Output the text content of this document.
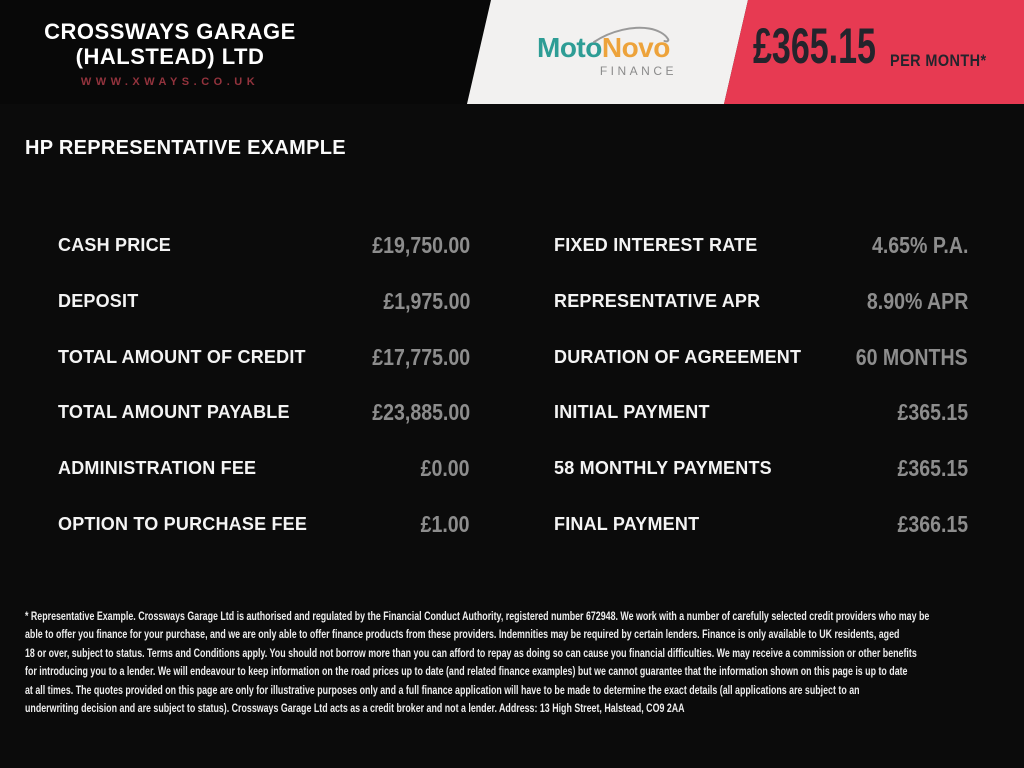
CROSSWAYS GARAGE
(HALSTEAD) LTD
WWW.XWAYS.CO.UK
MotoNovo
FINANCE £365.15 PER MONTH*
HP REPRESENTATIVE EXAMPLE
CASH PRICE	£19,750.00
DEPOSIT	£1,975.00
TOTAL AMOUNT OF CREDIT	£17,775.00
TOTAL AMOUNT PAYABLE	£23,885.00
ADMINISTRATION FEE	£0.00
OPTION TO PURCHASE FEE	£1.00
FIXED INTEREST RATE	4.65% P.A.
REPRESENTATIVE APR	8.90% APR
DURATION OF AGREEMENT 60 MONTHS
INITIAL PAYMENT	£365.15
58 MONTHLY PAYMENTS	£365.15
FINAL PAYMENT	£366.15
* Representative Example. Crossways Garage Ltd is authorised and regulated by the Financial Conduct Authority, registered number 672948. We work with a number of carefully selected credit providers who may be
able to offer you finance for your purchase, and we are only able to offer finance products from these providers. Indemnities may be required by certain lenders. Finance is only available to UK residents, aged
18 or over, subject to status. Terms and Conditions apply. You should not borrow more than you can afford to repay as doing so can cause you financial difficulties. We may receive a commission or other benefits
for introducing you to a lender. We will endeavour to keep information on the road prices up to date (and related finance examples) but we cannot guarantee that the information shown on this page is up to date
at all times. The quotes provided on this page are only for illustrative purposes only and a full finance application will have to be made to determine the exact details (all applications are subject to an
underwriting decision and are subject to status). Crossways Garage Ltd acts as a credit broker and not a lender. Address: 13 High Street, Halstead, CO9 2AA
